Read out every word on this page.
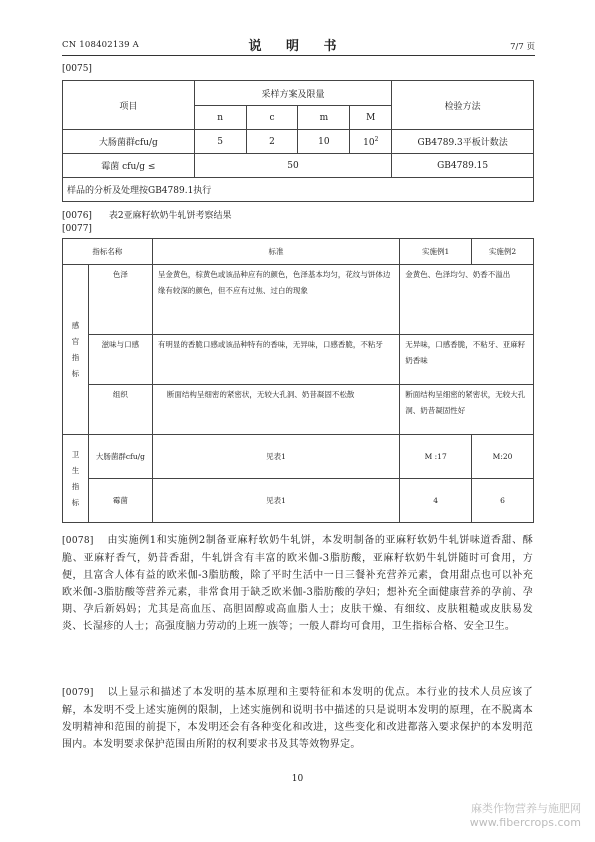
CN 108402139 A	说 明 书	7/7 页
[0075]
项目	采样方案及限量				检验方法
	n	c	m	M	
大肠菌群cfu/g	5	2	10	$10^2$	GB4789.3平板计数法
霉菌 cfu/g ≤	50				GB4789.15
样品的分析及处理按GB4789.1执行					
[0076] 表2亚麻籽软奶牛轧饼考察结果
[0077]
指标名称		标准	实施例1	实施例2

感官指标	色泽	呈金黄色，棕黄色或该品种应有的颜色，色泽基本均匀，花纹与饼体边缘有较深的颜色，但不应有过焦、过白的现象	金黄色、色泽均匀、奶香不溢出	
	滋味与口感	有明显的香脆口感或该品种特有的香味，无异味，口感香脆，不粘牙	无异味，口感香脆，不粘牙、亚麻籽奶香味	
	组织	断面结构呈细密的紧密状，无较大孔洞、奶昔凝固不松散	断面结构呈细密的紧密状，无较大孔洞、奶昔凝固性好	

卫生指标	大肠菌群cfu/g	见表1	M :17	M:20
	霉菌	见表1	4	6
[0078] 由实施例1和实施例2制备亚麻籽软奶牛轧饼，本发明制备的亚麻籽软奶牛轧饼味道香甜、酥脆、亚麻籽香气，奶昔香甜，牛轧饼含有丰富的欧米伽-3脂肪酸，亚麻籽软奶牛轧饼随时可食用，方便，且富含人体有益的欧米伽-3脂肪酸，除了平时生活中一日三餐补充营养元素，食用甜点也可以补充欧米伽-3脂肪酸等营养元素，非常食用于缺乏欧米伽-3脂肪酸的孕妇；想补充全面健康营养的孕前、孕期、孕后新妈妈；尤其是高血压、高胆固醇或高血脂人士；皮肤干燥、有细纹、皮肤粗糙或皮肤易发炎、长湿疹的人士；高强度脑力劳动的上班一族等；一般人群均可食用，卫生指标合格、安全卫生。
[0079] 以上显示和描述了本发明的基本原理和主要特征和本发明的优点。本行业的技术人员应该了解，本发明不受上述实施例的限制，上述实施例和说明书中描述的只是说明本发明的原理，在不脱离本发明精神和范围的前提下，本发明还会有各种变化和改进，这些变化和改进都落入要求保护的本发明范围内。本发明要求保护范围由所附的权利要求书及其等效物界定。
10
麻类作物营养与施肥网
www.fibercrops.com
